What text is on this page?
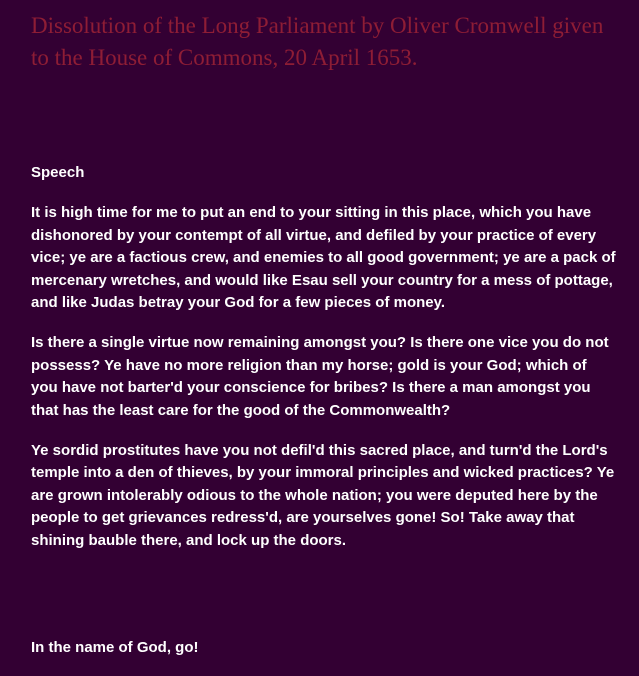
Dissolution of the Long Parliament by Oliver Cromwell given to the House of Commons, 20 April 1653.

Speech

It is high time for me to put an end to your sitting in this place, which you have dishonored by your contempt of all virtue, and defiled by your practice of every vice; ye are a factious crew, and enemies to all good government; ye are a pack of mercenary wretches, and would like Esau sell your country for a mess of pottage, and like Judas betray your God for a few pieces of money.

Is there a single virtue now remaining amongst you? Is there one vice you do not possess? Ye have no more religion than my horse; gold is your God; which of you have not barter'd your conscience for bribes? Is there a man amongst you that has the least care for the good of the Commonwealth?

Ye sordid prostitutes have you not defil'd this sacred place, and turn'd the Lord's temple into a den of thieves, by your immoral principles and wicked practices? Ye are grown intolerably odious to the whole nation; you were deputed here by the people to get grievances redress'd, are yourselves gone! So! Take away that shining bauble there, and lock up the doors.

In the name of God, go!
